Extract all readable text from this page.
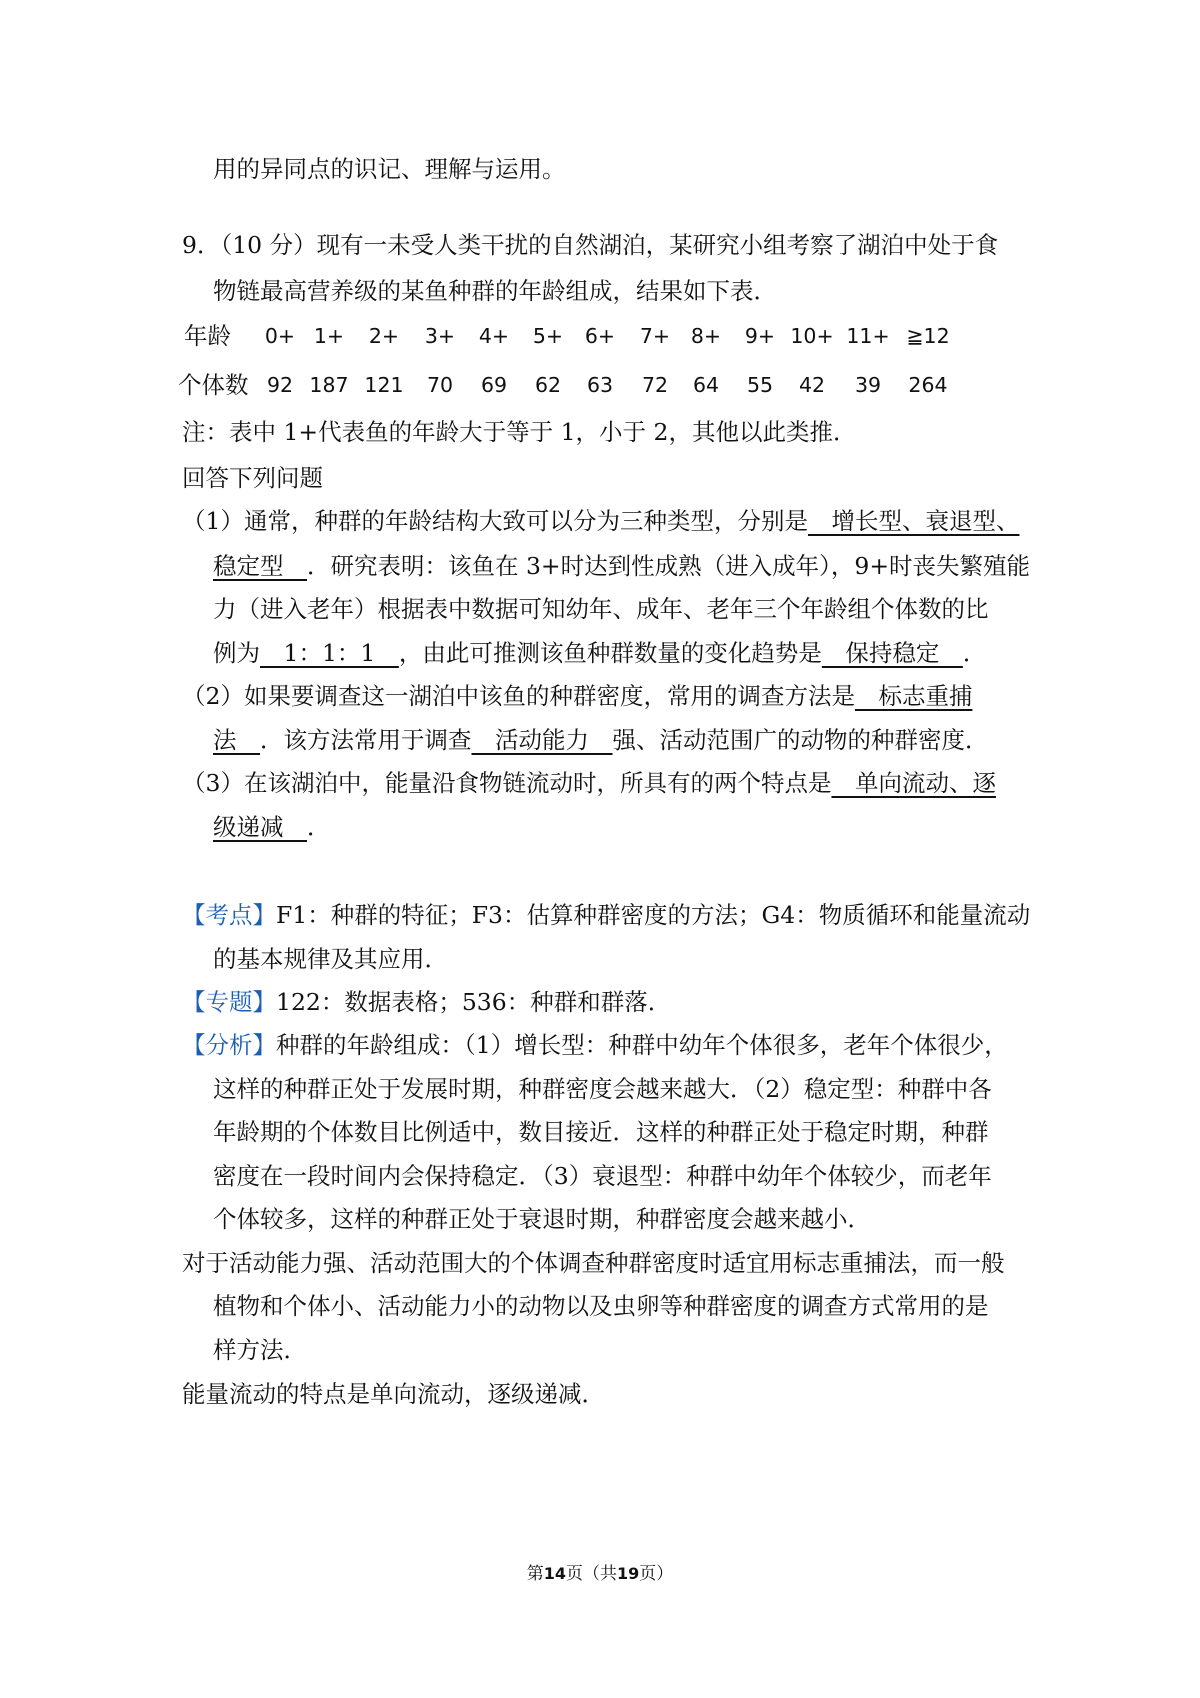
用的异同点的识记、理解与运用。
9．（10 分）现有一未受人类干扰的自然湖泊，某研究小组考察了湖泊中处于食
物链最高营养级的某鱼种群的年龄组成，结果如下表．
年龄 0+ 1+ 2+ 3+ 4+ 5+ 6+ 7+ 8+ 9+ 10+ 11+ ≧12
个体数 92 187 121 70 69 62 63 72 64 55 42 39 264
注：表中 1+代表鱼的年龄大于等于 1，小于 2，其他以此类推．
回答下列问题
（1）通常，种群的年龄结构大致可以分为三种类型，分别是　增长型、衰退型、
稳定型　．研究表明：该鱼在 3+时达到性成熟（进入成年），9+时丧失繁殖能
力（进入老年）根据表中数据可知幼年、成年、老年三个年龄组个体数的比
例为　1：1：1　，由此可推测该鱼种群数量的变化趋势是　保持稳定　．
（2）如果要调查这一湖泊中该鱼的种群密度，常用的调查方法是　标志重捕
法　．该方法常用于调查　活动能力　强、活动范围广的动物的种群密度．
（3）在该湖泊中，能量沿食物链流动时，所具有的两个特点是　单向流动、逐
级递减　．
【考点】F1：种群的特征；F3：估算种群密度的方法；G4：物质循环和能量流动
的基本规律及其应用．
【专题】122：数据表格；536：种群和群落．
【分析】种群的年龄组成：（1）增长型：种群中幼年个体很多，老年个体很少，
这样的种群正处于发展时期，种群密度会越来越大．（2）稳定型：种群中各
年龄期的个体数目比例适中，数目接近．这样的种群正处于稳定时期，种群
密度在一段时间内会保持稳定．（3）衰退型：种群中幼年个体较少，而老年
个体较多，这样的种群正处于衰退时期，种群密度会越来越小．
对于活动能力强、活动范围大的个体调查种群密度时适宜用标志重捕法，而一般
植物和个体小、活动能力小的动物以及虫卵等种群密度的调查方式常用的是
样方法．
能量流动的特点是单向流动，逐级递减．
第14页（共19页）
